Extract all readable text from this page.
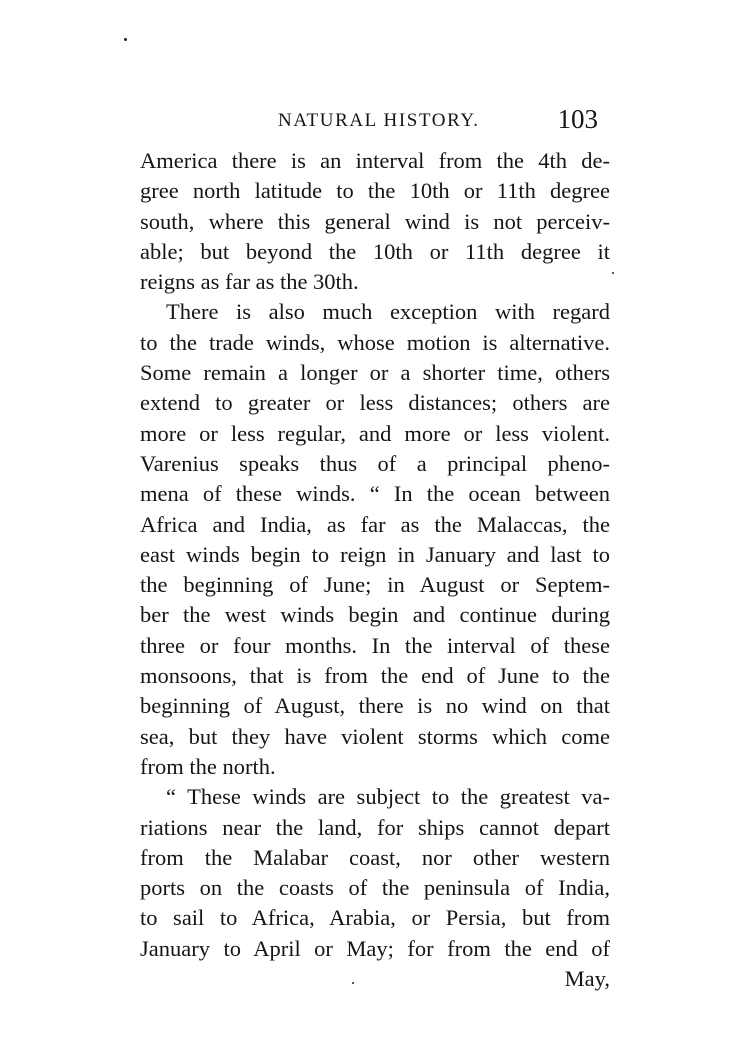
NATURAL HISTORY.	103
America there is an interval from the 4th de-
gree north latitude to the 10th or 11th degree
south, where this general wind is not perceiv-
able; but beyond the 10th or 11th degree it
reigns as far as the 30th.
There is also much exception with regard
to the trade winds, whose motion is alternative.
Some remain a longer or a shorter time, others
extend to greater or less distances; others are
more or less regular, and more or less violent.
Varenius speaks thus of a principal pheno-
mena of these winds. “ In the ocean between
Africa and India, as far as the Malaccas, the
east winds begin to reign in January and last to
the beginning of June; in August or Septem-
ber the west winds begin and continue during
three or four months. In the interval of these
monsoons, that is from the end of June to the
beginning of August, there is no wind on that
sea, but they have violent storms which come
from the north.
“ These winds are subject to the greatest va-
riations near the land, for ships cannot depart
from the Malabar coast, nor other western
ports on the coasts of the peninsula of India,
to sail to Africa, Arabia, or Persia, but from
January to April or May; for from the end of
May,
